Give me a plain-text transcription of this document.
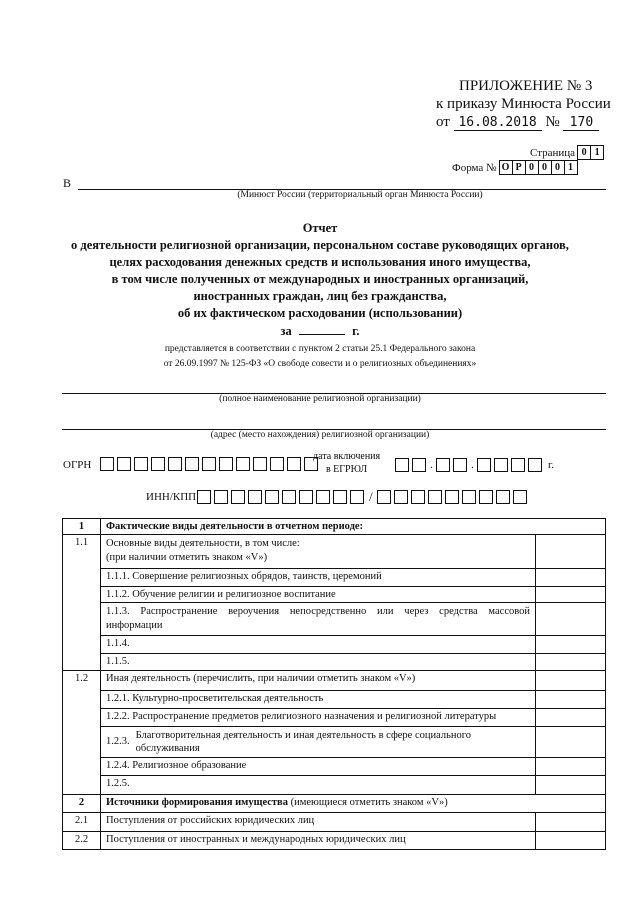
ПРИЛОЖЕНИЕ № 3
к приказу Минюста России
от 16.08.2018 № 170
Страница 0 1
Форма № О Р 0 0 0 1
В
(Минюст России (территориальный орган Минюста России)
Отчет
о деятельности религиозной организации, персональном составе руководящих органов,
целях расходования денежных средств и использования иного имущества,
в том числе полученных от международных и иностранных организаций,
иностранных граждан, лиц без гражданства,
об их фактическом расходовании (использовании)
за	г.
представляется в соответствии с пунктом 2 статьи 25.1 Федерального закона
от 26.09.1997 № 125-ФЗ «О свободе совести и о религиозных объединениях»
(полное наименование религиозной организации)
(адрес (место нахождения) религиозной организации)
ОГРН
дата включения
в ЕГРЮЛ	.	.	г.
ИНН/КПП	/
1	Фактические виды деятельности в отчетном периоде:	
1.1	Основные виды деятельности, в том числе:
(при наличии отметить знаком «V»)	

	1.1.1. Совершение религиозных обрядов, таинств, церемоний	
	1.1.2. Обучение религии и религиозное воспитание	
	1.1.3. Распространение вероучения непосредственно или через средства массовой информации	
	1.1.4.	
	1.1.5.	
1.2	Иная деятельность (перечислить, при наличии отметить знаком «V»)	
	1.2.1. Культурно-просветительская деятельность	
	1.2.2. Распространение предметов религиозного назначения и религиозной литературы	

	1.2.3.
Благотворительная деятельность и иная деятельность в сфере социального обслуживания	

	1.2.4. Религиозное образование	
	1.2.5.	
2	Источники формирования имущества (имеющиеся отметить знаком «V»)	
2.1	Поступления от российских юридических лиц	
2.2	Поступления от иностранных и международных юридических лиц	
